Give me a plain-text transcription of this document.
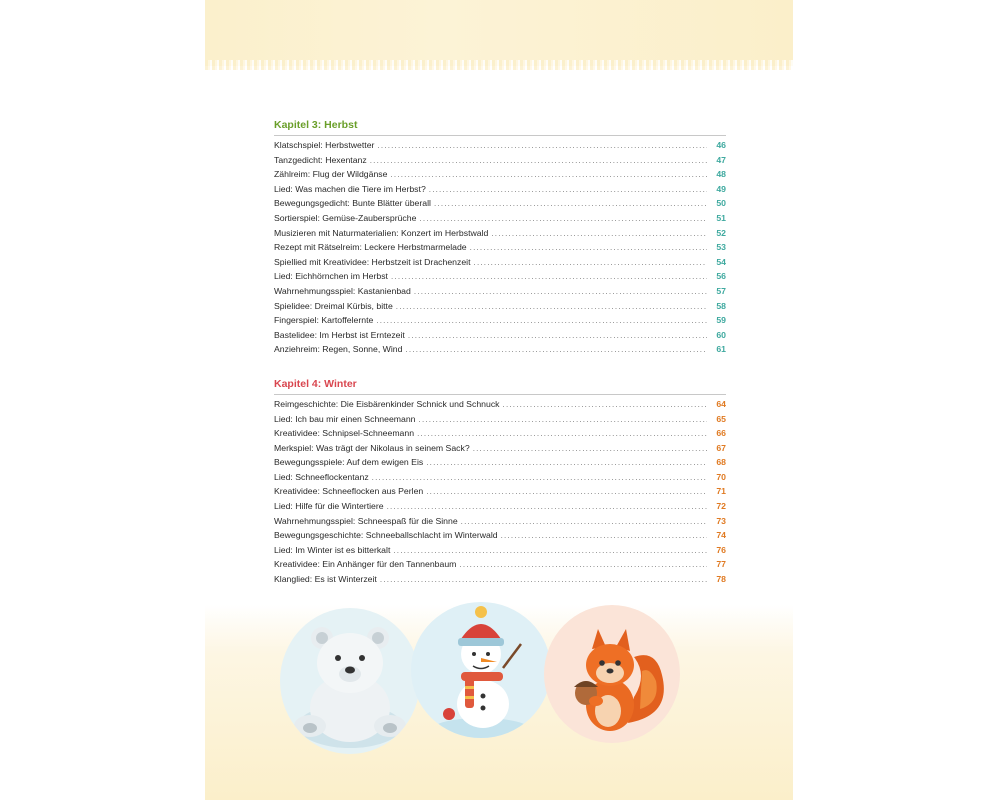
Kapitel 3: Herbst
Klatschspiel: Herbstwetter .....	46
Tanzgedicht: Hexentanz .....	47
Zählreim: Flug der Wildgänse .....	48
Lied: Was machen die Tiere im Herbst? .....	49
Bewegungsgedicht: Bunte Blätter überall .....	50
Sortierspiel: Gemüse-Zaubersprüche .....	51
Musizieren mit Naturmaterialien: Konzert im Herbstwald .....	52
Rezept mit Rätselreim: Leckere Herbstmarmelade .....	53
Spiellied mit Kreatividee: Herbstzeit ist Drachenzeit .....	54
Lied: Eichhörnchen im Herbst .....	56
Wahrnehmungsspiel: Kastanienbad .....	57
Spielidee: Dreimal Kürbis, bitte .....	58
Fingerspiel: Kartoffelernte .....	59
Bastelidee: Im Herbst ist Erntezeit .....	60
Anziehreim: Regen, Sonne, Wind .....	61
Kapitel 4: Winter
Reimgeschichte: Die Eisbärenkinder Schnick und Schnuck .....	64
Lied: Ich bau mir einen Schneemann .....	65
Kreatividee: Schnipsel-Schneemann .....	66
Merkspiel: Was trägt der Nikolaus in seinem Sack? .....	67
Bewegungsspiele: Auf dem ewigen Eis .....	68
Lied: Schneeflockentanz .....	70
Kreatividee: Schneeflocken aus Perlen .....	71
Lied: Hilfe für die Wintertiere .....	72
Wahrnehmungsspiel: Schneespaß für die Sinne .....	73
Bewegungsgeschichte: Schneeballschlacht im Winterwald .....	74
Lied: Im Winter ist es bitterkalt .....	76
Kreatividee: Ein Anhänger für den Tannenbaum .....	77
Klanglied: Es ist Winterzeit .....	78
